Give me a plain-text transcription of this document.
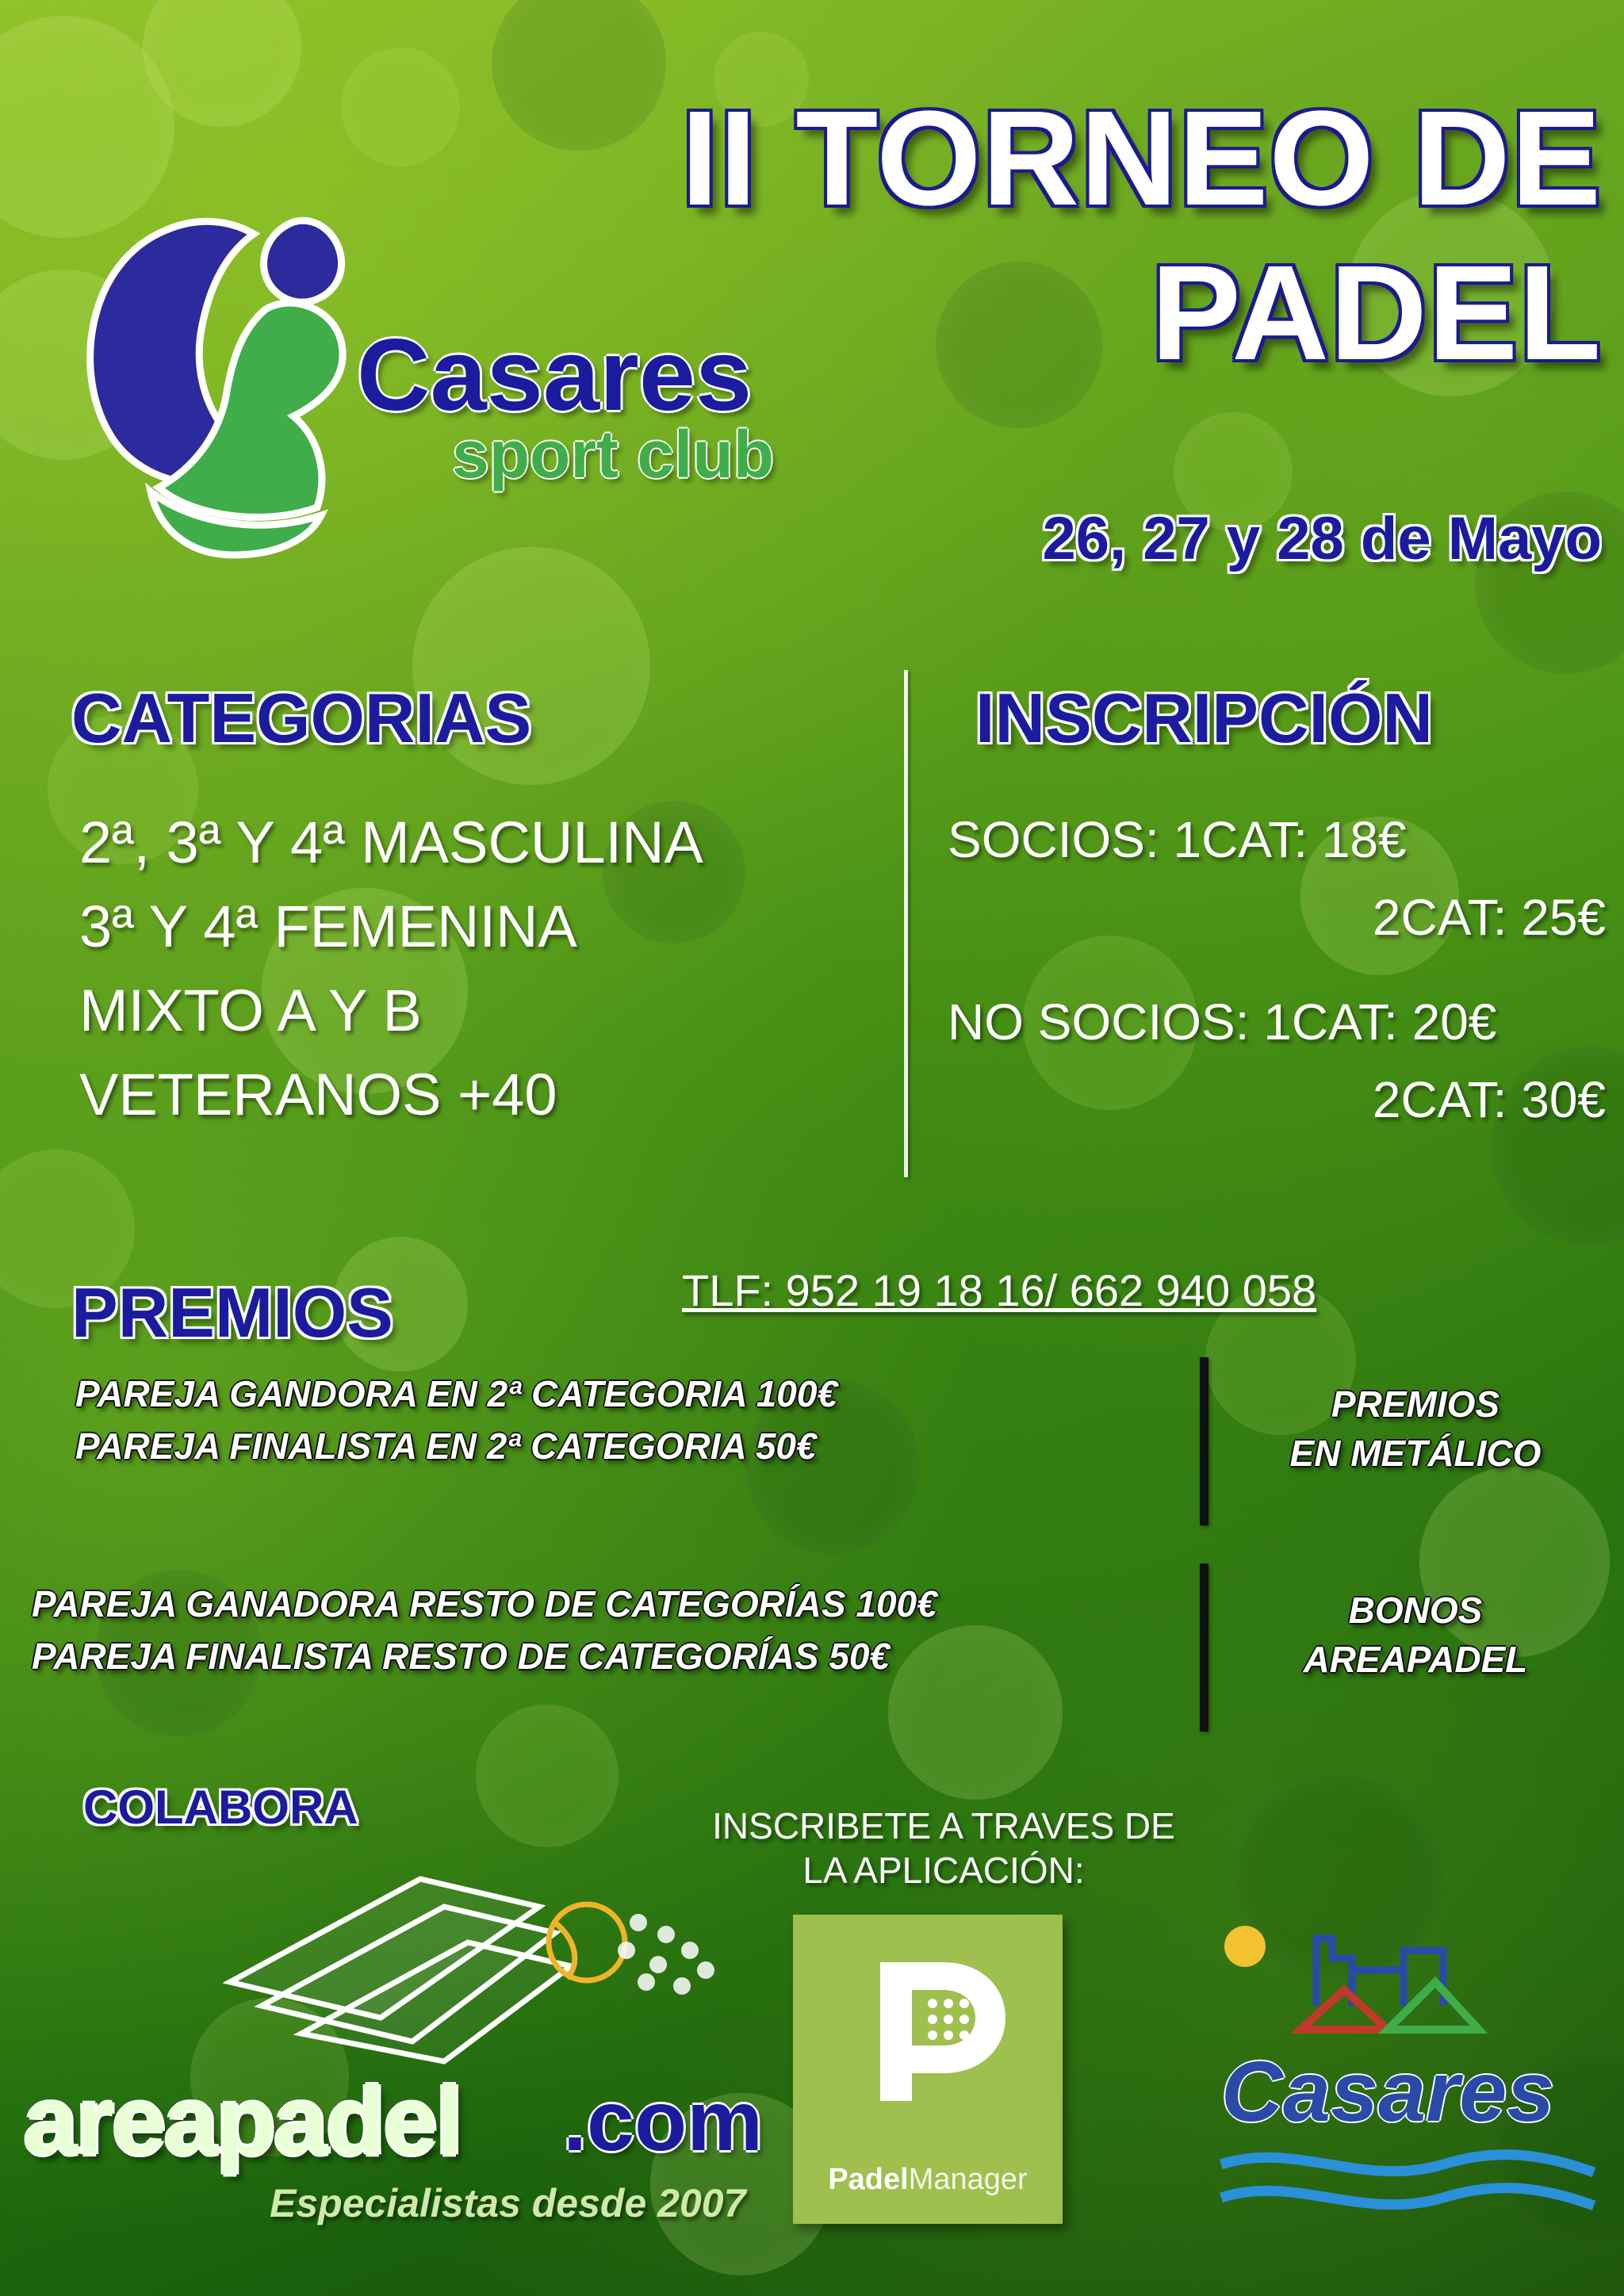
II TORNEO DE
PADEL
26, 27 y 28 de Mayo
Casares
sport club
CATEGORIAS
2ª, 3ª Y 4ª MASCULINA
3ª Y 4ª FEMENINA
MIXTO A Y B
VETERANOS +40
INSCRIPCIÓN
SOCIOS: 1CAT: 18€
2CAT: 25€
NO SOCIOS: 1CAT: 20€
2CAT: 30€
TLF: 952 19 18 16/ 662 940 058
PREMIOS
PAREJA GANDORA EN 2ª CATEGORIA 100€
PAREJA FINALISTA EN 2ª CATEGORIA 50€
PREMIOS
EN METÁLICO
PAREJA GANADORA RESTO DE CATEGORÍAS 100€
PAREJA FINALISTA RESTO DE CATEGORÍAS 50€
BONOS
AREAPADEL
COLABORA
areapadel .com
Especialistas desde 2007
INSCRIBETE A TRAVES DE
LA APLICACIÓN:
PadelManager
Casares
